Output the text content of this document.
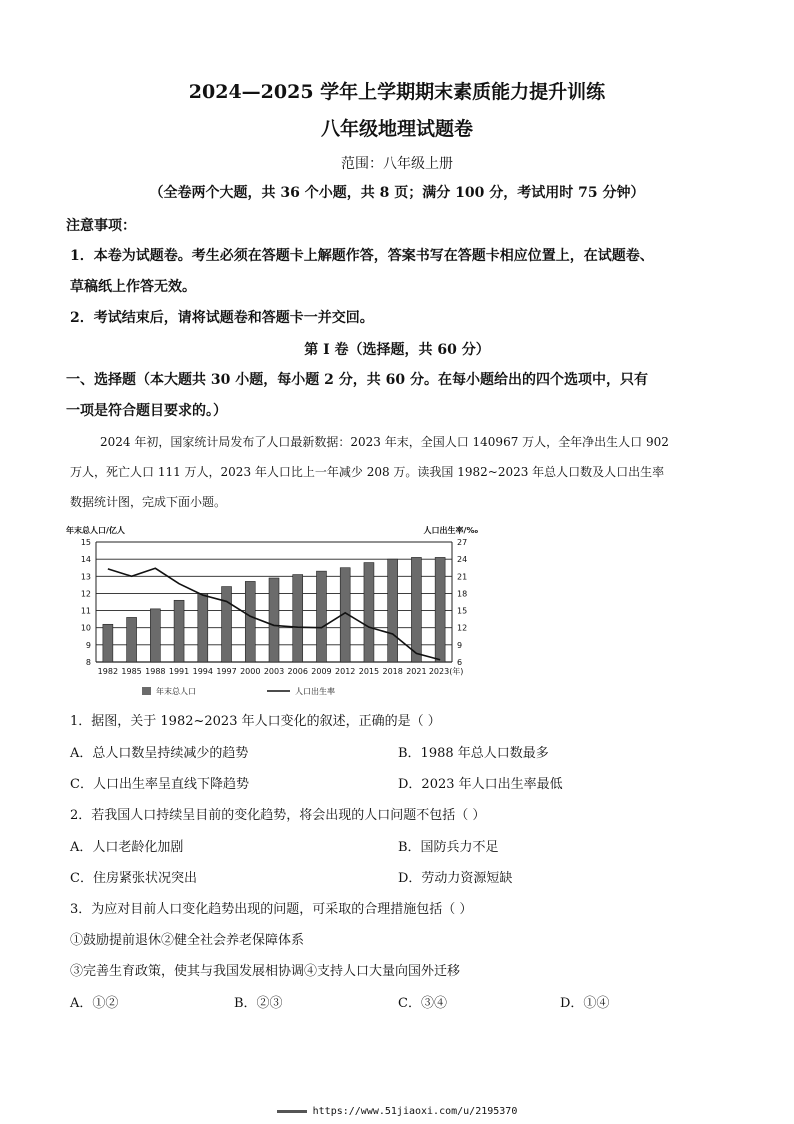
2024—2025 学年上学期期末素质能力提升训练
八年级地理试题卷
范围：八年级上册
（全卷两个大题，共 36 个小题，共 8 页；满分 100 分，考试用时 75 分钟）
注意事项：
1．本卷为试题卷。考生必须在答题卡上解题作答，答案书写在答题卡相应位置上，在试题卷、
草稿纸上作答无效。
2．考试结束后，请将试题卷和答题卡一并交回。
第 I 卷（选择题，共 60 分）
一、选择题（本大题共 30 小题，每小题 2 分，共 60 分。在每小题给出的四个选项中，只有
一项是符合题目要求的。）
2024 年初，国家统计局发布了人口最新数据：2023 年末，全国人口 140967 万人，全年净出生人口 902
万人，死亡人口 111 万人，2023 年人口比上一年减少 208 万。读我国 1982~2023 年总人口数及人口出生率
数据统计图，完成下面小题。
15
14
13
12
11
10
9
8
27
24
21
18
15
12
9
6
1982 1985 1988 1991 1994 1997 2000 2003 2006 2009 2012 2015 2018 2021 2023(年)
年末总人口/亿人	人口出生率/‰
年末总人口	人口出生率
1．据图，关于 1982~2023 年人口变化的叙述，正确的是（ ）
A．总人口数呈持续减少的趋势	B．1988 年总人口数最多
C．人口出生率呈直线下降趋势	D．2023 年人口出生率最低
2．若我国人口持续呈目前的变化趋势，将会出现的人口问题不包括（ ）
A．人口老龄化加剧	B．国防兵力不足
C．住房紧张状况突出	D．劳动力资源短缺
3．为应对目前人口变化趋势出现的问题，可采取的合理措施包括（ ）
①鼓励提前退休②健全社会养老保障体系
③完善生育政策，使其与我国发展相协调④支持人口大量向国外迁移
A．①②	B．②③	C．③④	D．①④
https://www.51jiaoxi.com/u/2195370
